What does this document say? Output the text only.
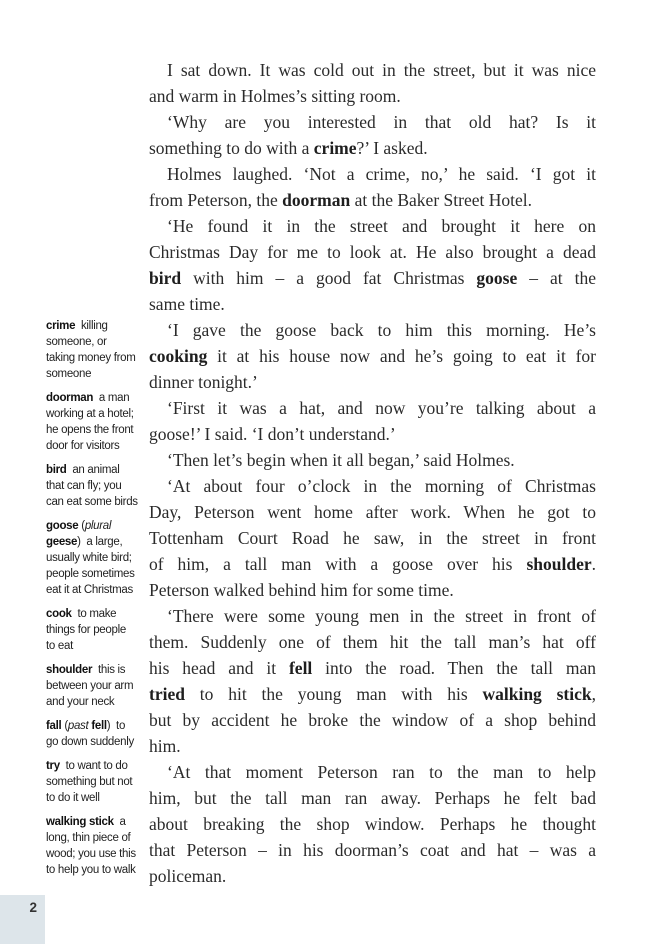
crime  killing
someone, or
taking money from
someone
doorman  a man
working at a hotel;
he opens the front
door for visitors
bird  an animal
that can fly; you
can eat some birds
goose (plural
geese)  a large,
usually white bird;
people sometimes
eat it at Christmas
cook  to make
things for people
to eat
shoulder  this is
between your arm
and your neck
fall (past fell)  to
go down suddenly
try  to want to do
something but not
to do it well
walking stick  a
long, thin piece of
wood; you use this
to help you to walk
I sat down. It was cold out in the street, but it was nice
and warm in Holmes’s sitting room.
‘Why are you interested in that old hat? Is it
something to do with a crime?’ I asked.
Holmes laughed. ‘Not a crime, no,’ he said. ‘I got it
from Peterson, the doorman at the Baker Street Hotel.
‘He found it in the street and brought it here on
Christmas Day for me to look at. He also brought a dead
bird with him – a good fat Christmas goose – at the
same time.
‘I gave the goose back to him this morning. He’s
cooking it at his house now and he’s going to eat it for
dinner tonight.’
‘First it was a hat, and now you’re talking about a
goose!’ I said. ‘I don’t understand.’
‘Then let’s begin when it all began,’ said Holmes.
‘At about four o’clock in the morning of Christmas
Day, Peterson went home after work. When he got to
Tottenham Court Road he saw, in the street in front
of him, a tall man with a goose over his shoulder.
Peterson walked behind him for some time.
‘There were some young men in the street in front of
them. Suddenly one of them hit the tall man’s hat off
his head and it fell into the road. Then the tall man
tried to hit the young man with his walking stick,
but by accident he broke the window of a shop behind
him.
‘At that moment Peterson ran to the man to help
him, but the tall man ran away. Perhaps he felt bad
about breaking the shop window. Perhaps he thought
that Peterson – in his doorman’s coat and hat – was a
policeman.
2
